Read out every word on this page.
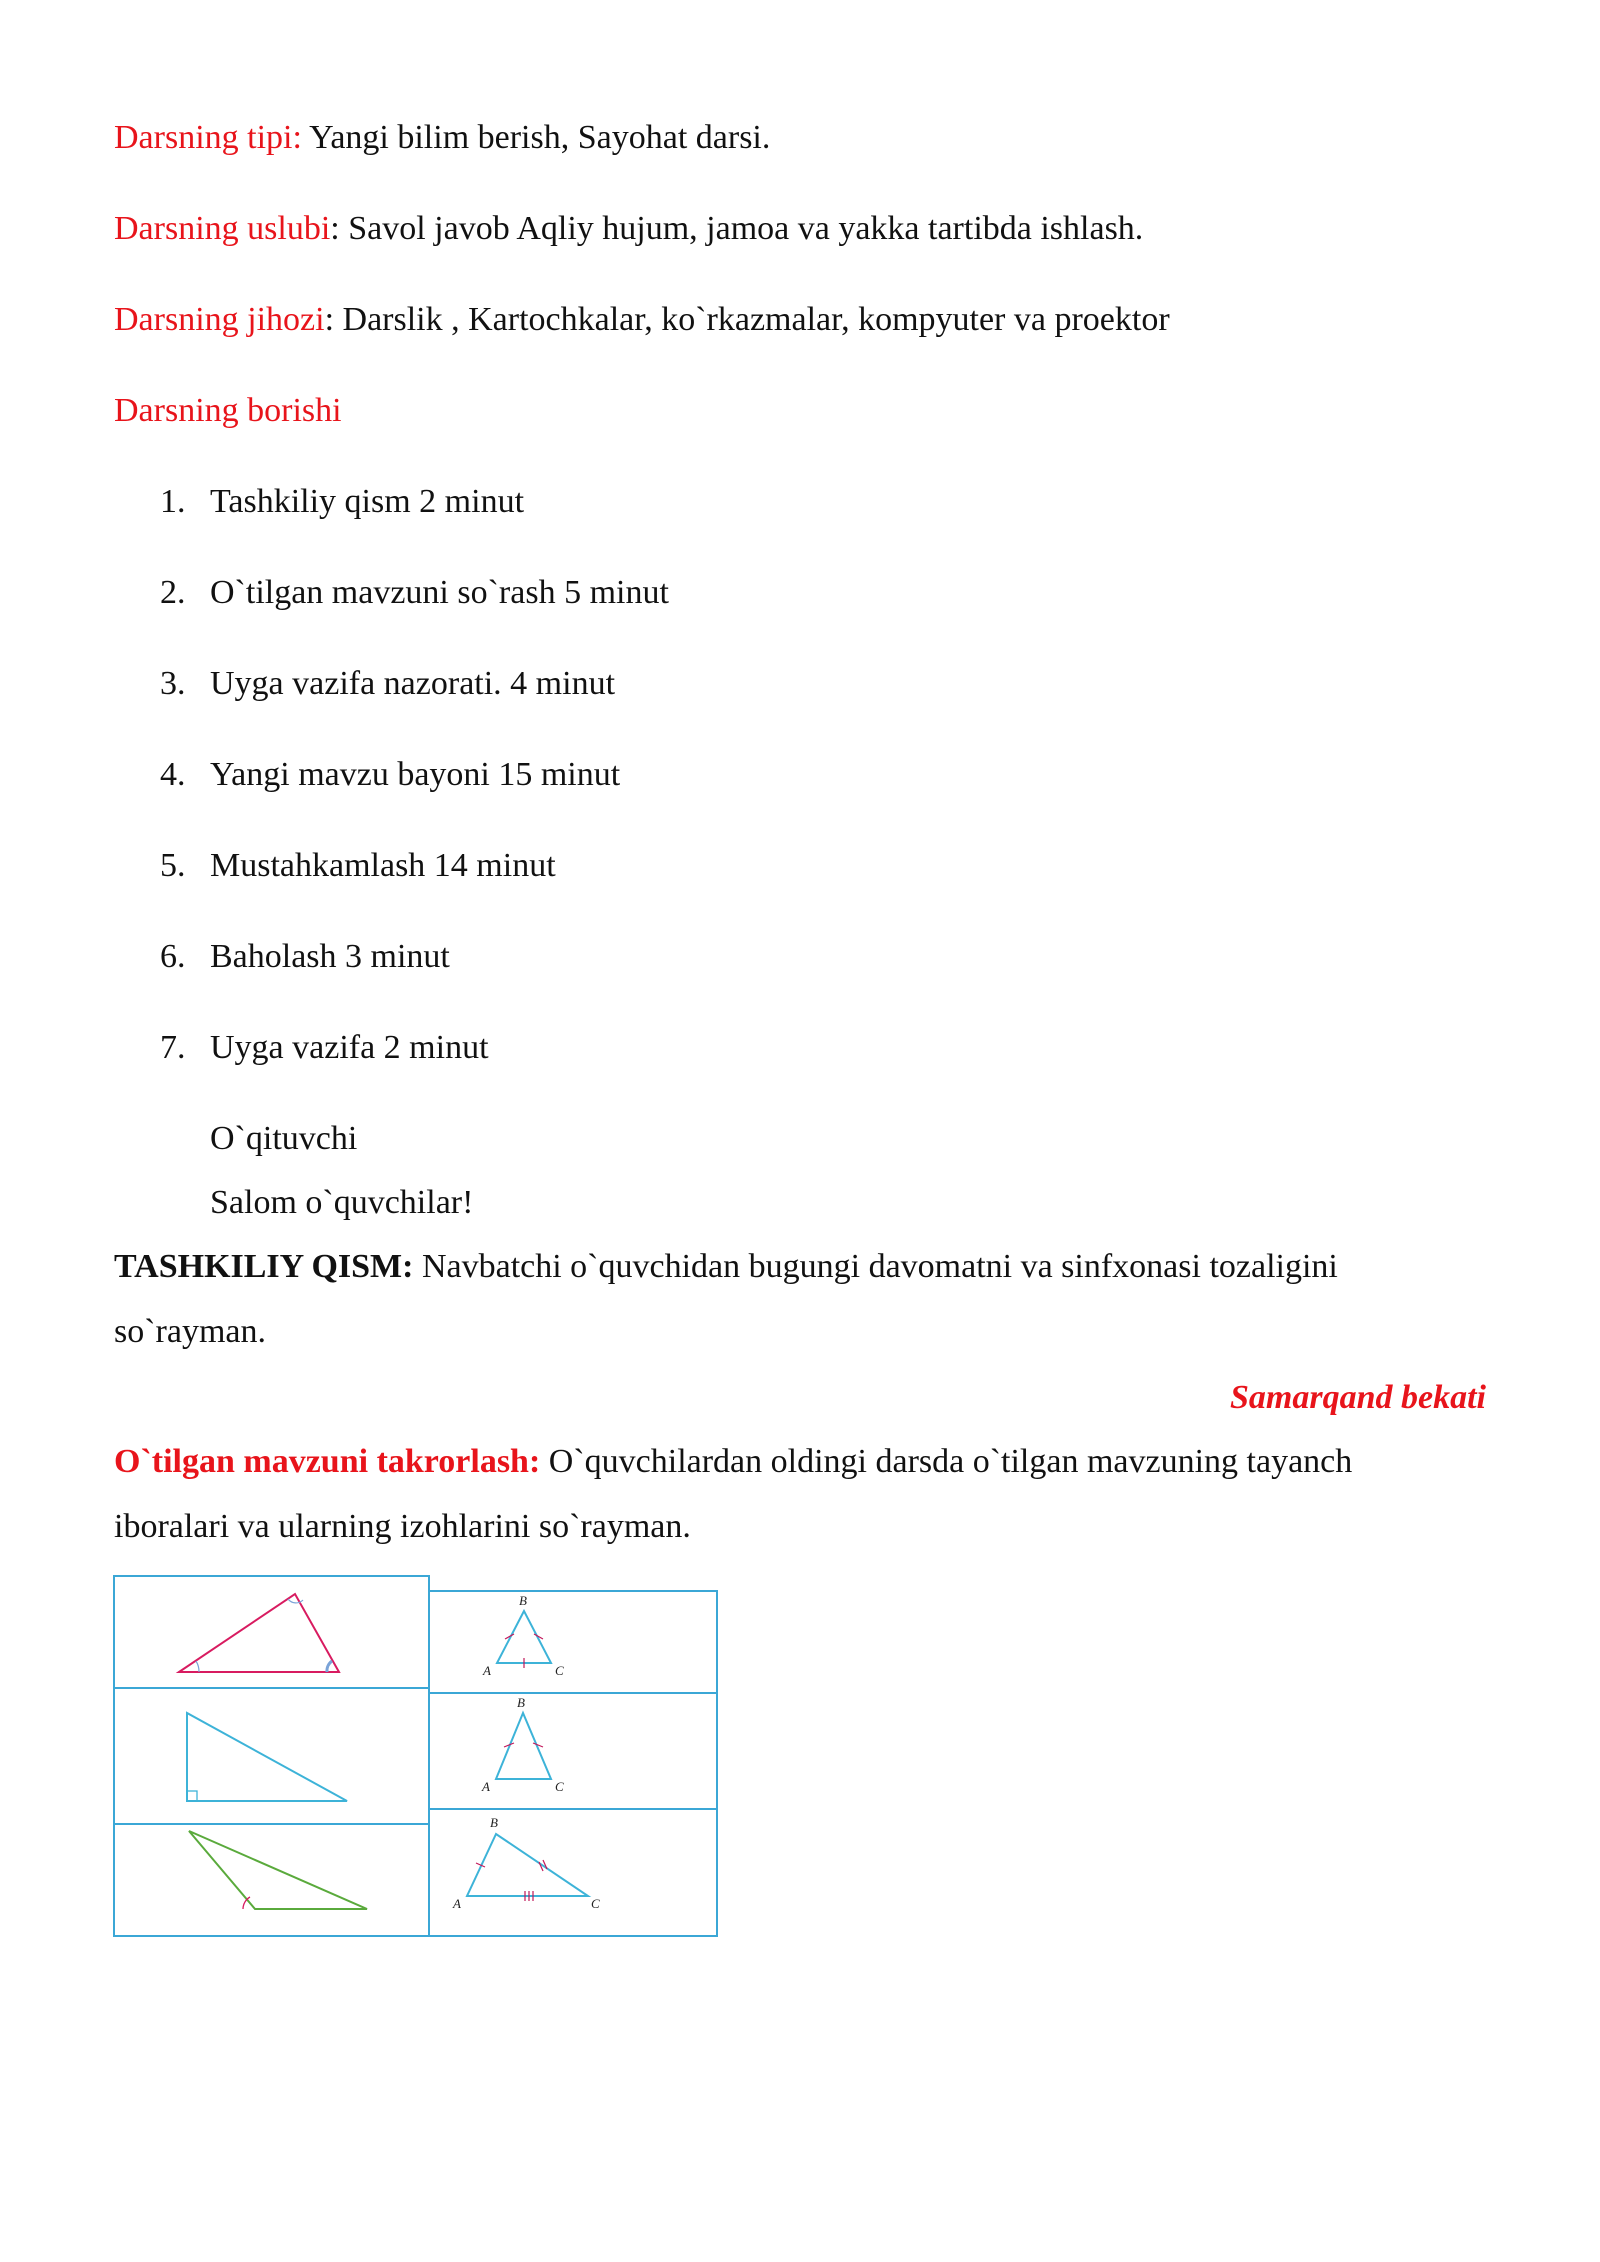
Darsning tipi: Yangi bilim berish, Sayohat darsi.
Darsning uslubi: Savol javob Aqliy hujum, jamoa va yakka tartibda ishlash.
Darsning jihozi: Darslik , Kartochkalar, ko`rkazmalar, kompyuter va proektor
Darsning borishi
1. Tashkiliy qism 2 minut
2. O`tilgan mavzuni so`rash 5 minut
3. Uyga vazifa nazorati. 4 minut
4. Yangi mavzu bayoni 15 minut
5. Mustahkamlash 14 minut
6. Baholash 3 minut
7. Uyga vazifa 2 minut
O`qituvchi
Salom o`quvchilar!
TASHKILIY QISM: Navbatchi o`quvchidan bugungi davomatni va sinfxonasi tozaligini
so`rayman.
Samarqand bekati
O`tilgan mavzuni takrorlash: O`quvchilardan oldingi darsda o`tilgan mavzuning tayanch
iboralari va ularning izohlarini so`rayman.
B
A	C
B
A	C
B
A	C
